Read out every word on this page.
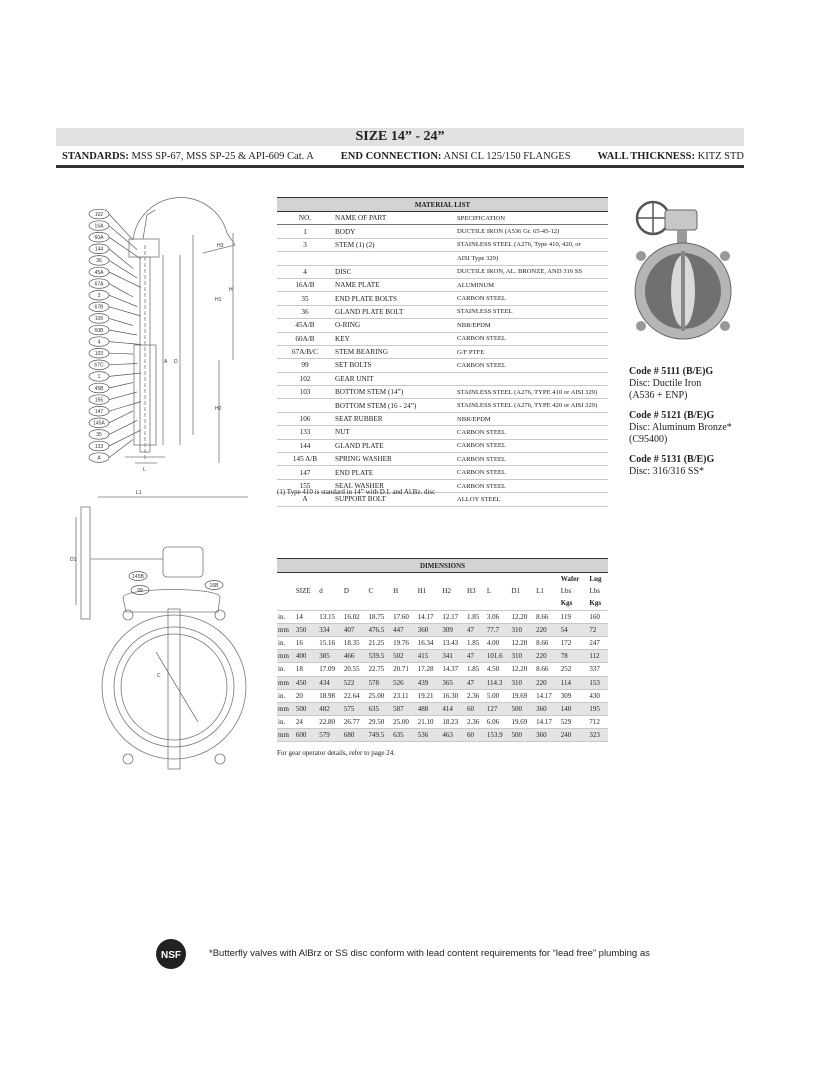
SIZE 14” - 24”
STANDARDS: MSS SP-67, MSS SP-25 & API-609 Cat. A	END CONNECTION: ANSI CL 125/150 FLANGES	WALL THICKNESS: KITZ STD
H3
H
H1
A D
H2
L
102
16A
60A
144
36
45A
67A
3
67B
106
60B
4
103
67C
1
45B
155
147
145A
35
133
A
L1
D1
C
145B
99
16B
MATERIAL LIST		
NO.	NAME OF PART	SPECIFICATION
1	BODY	DUCTILE IRON (A536 Gr. 65-45-12)
3	STEM (1) (2)	STAINLESS STEEL (A276, Type 410, 420, or
		AISI Type 329)
4	DISC	DUCTILE IRON, AL. BRONZE, AND 316 SS
16A/B	NAME PLATE	ALUMINUM
35	END PLATE BOLTS	CARBON STEEL
36	GLAND PLATE BOLT	STAINLESS STEEL
45A/B	O-RING	NBR/EPDM
60A/B	KEY	CARBON STEEL
67A/B/C	STEM BEARING	G/F PTFE
99	SET BOLTS	CARBON STEEL
102	GEAR UNIT	
103	BOTTOM STEM (14”)	STAINLESS STEEL (A276, TYPE 410 or AISI 329)
	BOTTOM STEM (16 - 24”)	STAINLESS STEEL (A276, TYPE 420 or AISI 329)
106	SEAT RUBBER	NBR/EPDM
133	NUT	CARBON STEEL
144	GLAND PLATE	CARBON STEEL
145 A/B	SPRING WASHER	CARBON STEEL
147	END PLATE	CARBON STEEL
155	SEAL WASHER	CARBON STEEL
A	SUPPORT BOLT	ALLOY STEEL
(1) Type 410 is standard in 14” with D.I. and Al.Bz. disc
Code # 5111 (B/E)G
Disc: Ductile Iron
(A536 + ENP)
Code # 5121 (B/E)G
Disc: Aluminum Bronze*
(C95400)
Code # 5131 (B/E)G
Disc: 316/316 SS*
DIMENSIONS													
												Wafer	Lug
	SIZE	d	D	C	H	H1	H2	H3	L	D1	L1	Lbs	Lbs
												Kgs	Kgs
in.	14	13.15	16.02	18.75	17.60	14.17	12.17	1.85	3.06	12.20	8.66	119	160
mm	350	334	407	476.5	447	360	309	47	77.7	310	220	54	72
in.	16	15.16	18.35	21.25	19.76	16.34	13.43	1.85	4.00	12.20	8.66	172	247
mm	400	385	466	539.5	502	415	341	47	101.6	310	220	78	112
in.	18	17.09	20.55	22.75	20.71	17.28	14.37	1.85	4.50	12.20	8.66	252	337
mm	450	434	522	578	526	439	365	47	114.3	310	220	114	153
in.	20	18.98	22.64	25.00	23.11	19.21	16.30	2.36	5.00	19.69	14.17	309	430
mm	500	482	575	635	587	488	414	60	127	500	360	140	195
in.	24	22.80	26.77	29.50	25.00	21.10	18.23	2.36	6.06	19.69	14.17	529	712
mm	600	579	680	749.5	635	536	463	60	153.9	500	360	240	323
For gear operator details, refer to page 24.
NSF	*Butterfly valves with AlBrz or SS disc conform with lead content requirements for “lead free” plumbing as
